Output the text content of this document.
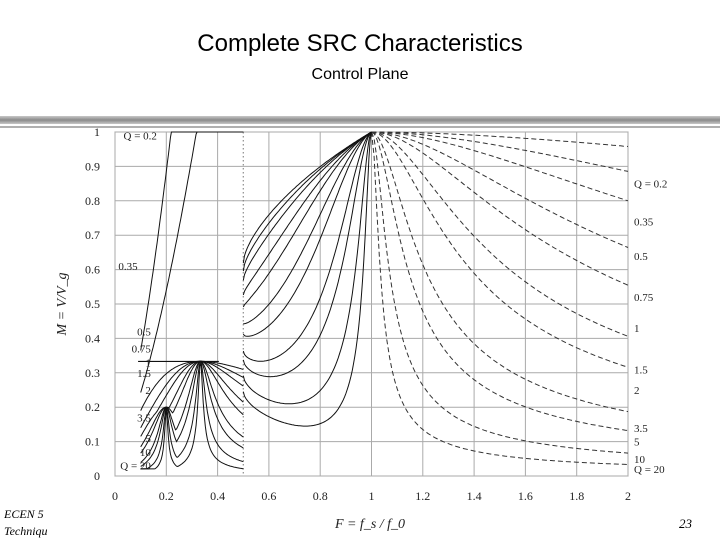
Complete SRC Characteristics
Control Plane
0	0.2	0.4	0.6	0.8	1	1.2	1.4	1.6	1.8	2
0
0.1
0.2
0.3
0.4
0.5
0.6
0.7
0.8
0.9
1
F = f_s / f_0
M = V/V_g
Q = 0.2
0.35
0.5
0.75
1
1.5
2
3.5
5
10
Q = 20
Q = 0.2
0.35
0.5
0.75
1
1.5
2
3.5
5
10
Q = 20
ECEN 5
Techniqu	23
